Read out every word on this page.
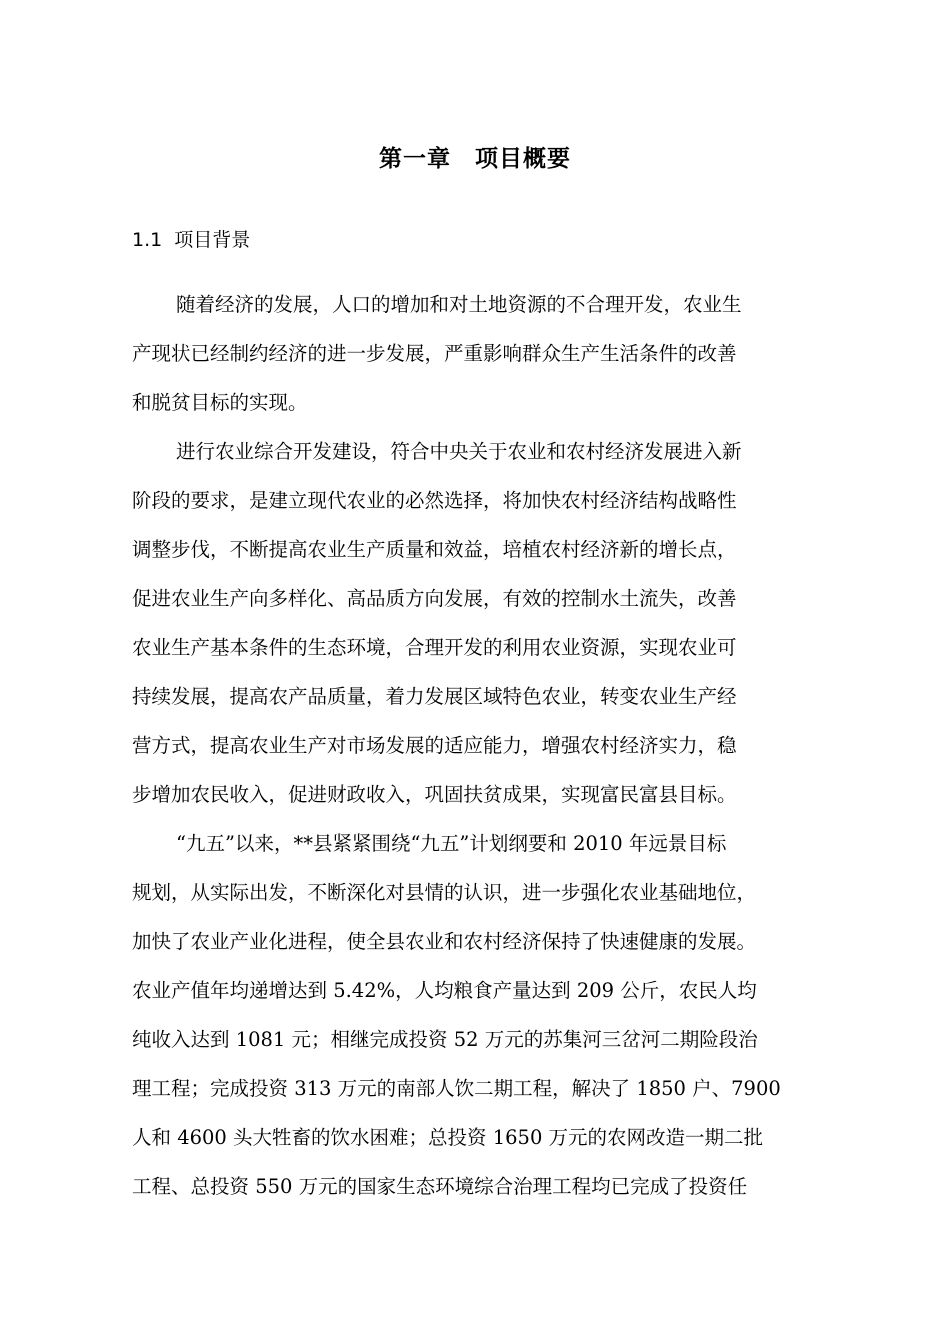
第一章　项目概要
1.1  项目背景
随着经济的发展，人口的增加和对土地资源的不合理开发，农业生
产现状已经制约经济的进一步发展，严重影响群众生产生活条件的改善
和脱贫目标的实现。
进行农业综合开发建设，符合中央关于农业和农村经济发展进入新
阶段的要求，是建立现代农业的必然选择，将加快农村经济结构战略性
调整步伐，不断提高农业生产质量和效益，培植农村经济新的增长点，
促进农业生产向多样化、高品质方向发展，有效的控制水土流失，改善
农业生产基本条件的生态环境，合理开发的利用农业资源，实现农业可
持续发展，提高农产品质量，着力发展区域特色农业，转变农业生产经
营方式，提高农业生产对市场发展的适应能力，增强农村经济实力，稳
步增加农民收入，促进财政收入，巩固扶贫成果，实现富民富县目标。
“九五”以来，**县紧紧围绕“九五”计划纲要和 2010 年远景目标
规划，从实际出发，不断深化对县情的认识，进一步强化农业基础地位，
加快了农业产业化进程，使全县农业和农村经济保持了快速健康的发展。
农业产值年均递增达到 5.42%，人均粮食产量达到 209 公斤，农民人均
纯收入达到 1081 元；相继完成投资 52 万元的苏集河三岔河二期险段治
理工程；完成投资 313 万元的南部人饮二期工程，解决了 1850 户、7900
人和 4600 头大牲畜的饮水困难；总投资 1650 万元的农网改造一期二批
工程、总投资 550 万元的国家生态环境综合治理工程均已完成了投资任
